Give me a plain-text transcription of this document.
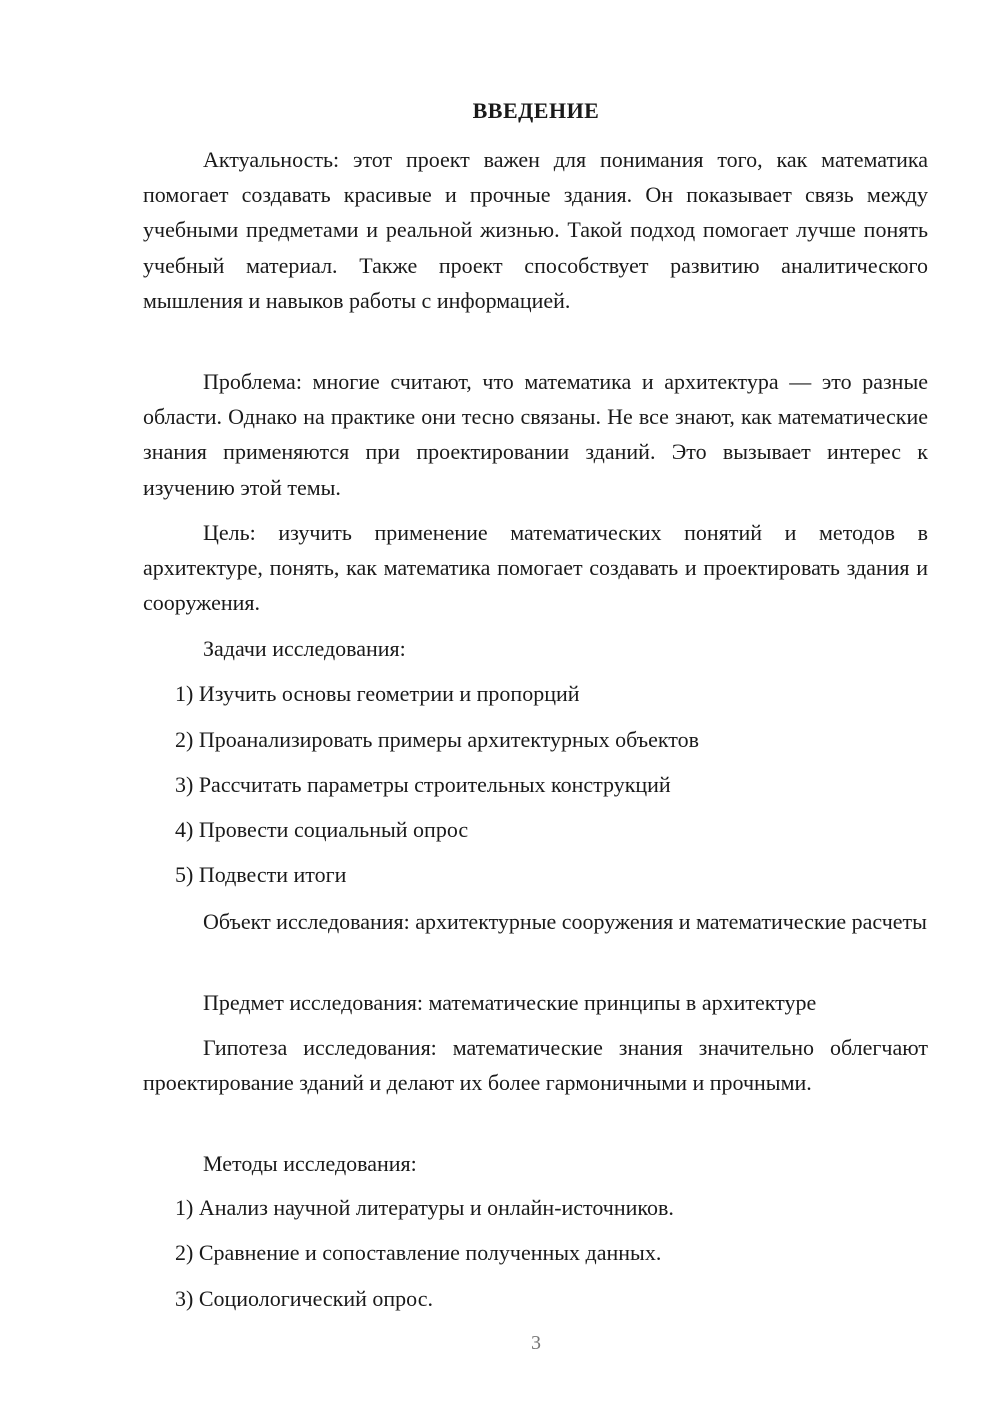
ВВЕДЕНИЕ

Актуальность: этот проект важен для понимания того, как математика помогает создавать красивые и прочные здания. Он показывает связь между учебными предметами и реальной жизнью. Такой подход помогает лучше понять учебный материал. Также проект способствует развитию аналитического мышления и навыков работы с информацией.

Проблема: многие считают, что математика и архитектура — это разные области. Однако на практике они тесно связаны. Не все знают, как математические знания применяются при проектировании зданий. Это вызывает интерес к изучению этой темы.

Цель: изучить применение математических понятий и методов в архитектуре, понять, как математика помогает создавать и проектировать здания и сооружения.

Задачи исследования:

1) Изучить основы геометрии и пропорций

2) Проанализировать примеры архитектурных объектов

3) Рассчитать параметры строительных конструкций

4) Провести социальный опрос

5) Подвести итоги

Объект исследования: архитектурные сооружения и математические расчеты

Предмет исследования: математические принципы в архитектуре

Гипотеза исследования: математические знания значительно облегчают проектирование зданий и делают их более гармоничными и прочными.

Методы исследования:

1) Анализ научной литературы и онлайн-источников.

2) Сравнение и сопоставление полученных данных.

3) Социологический опрос.

3
